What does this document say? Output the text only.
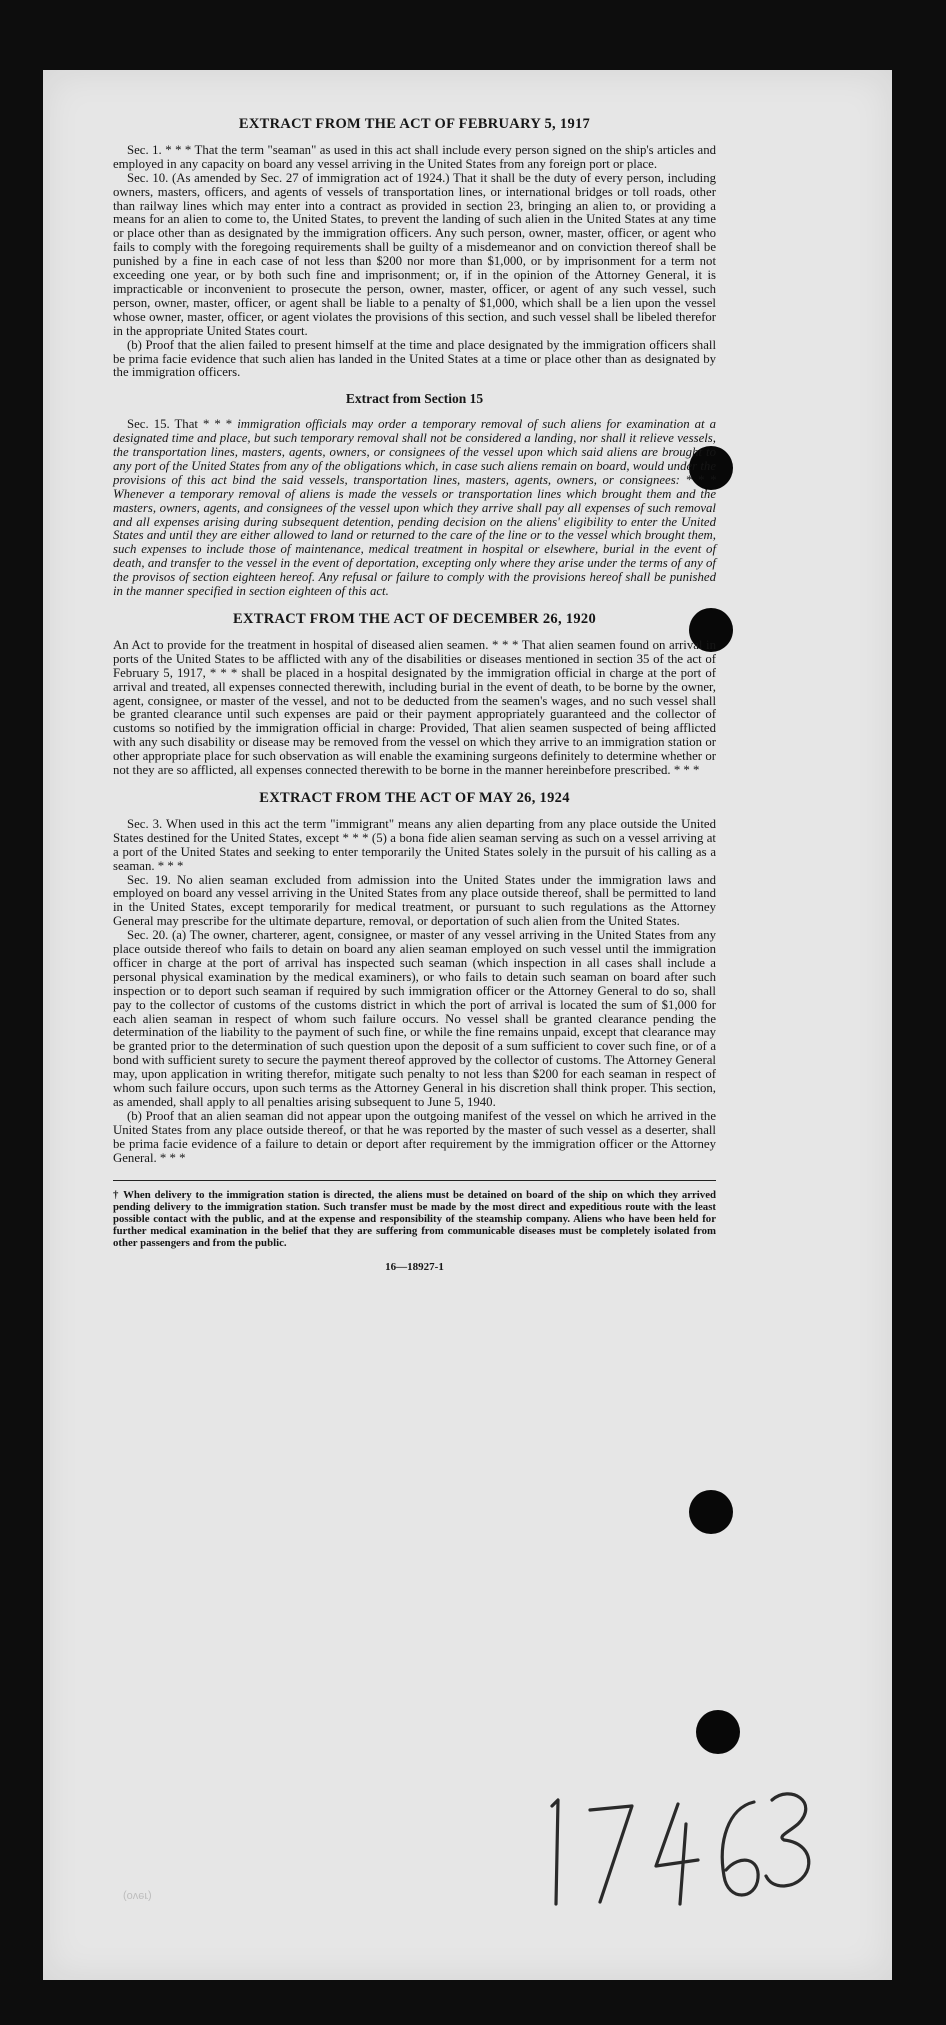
EXTRACT FROM THE ACT OF FEBRUARY 5, 1917

Sec. 1. * * * That the term "seaman" as used in this act shall include every person signed on the ship's articles and employed in any capacity on board any vessel arriving in the United States from any foreign port or place.

Sec. 10. (As amended by Sec. 27 of immigration act of 1924.) That it shall be the duty of every person, including owners, masters, officers, and agents of vessels of transportation lines, or international bridges or toll roads, other than railway lines which may enter into a contract as provided in section 23, bringing an alien to, or providing a means for an alien to come to, the United States, to prevent the landing of such alien in the United States at any time or place other than as designated by the immigration officers. Any such person, owner, master, officer, or agent who fails to comply with the foregoing requirements shall be guilty of a misdemeanor and on conviction thereof shall be punished by a fine in each case of not less than $200 nor more than $1,000, or by imprisonment for a term not exceeding one year, or by both such fine and imprisonment; or, if in the opinion of the Attorney General, it is impracticable or inconvenient to prosecute the person, owner, master, officer, or agent of any such vessel, such person, owner, master, officer, or agent shall be liable to a penalty of $1,000, which shall be a lien upon the vessel whose owner, master, officer, or agent violates the provisions of this section, and such vessel shall be libeled therefor in the appropriate United States court.

(b) Proof that the alien failed to present himself at the time and place designated by the immigration officers shall be prima facie evidence that such alien has landed in the United States at a time or place other than as designated by the immigration officers.

Extract from Section 15

Sec. 15. That * * * immigration officials may order a temporary removal of such aliens for examination at a designated time and place, but such temporary removal shall not be considered a landing, nor shall it relieve vessels, the transportation lines, masters, agents, owners, or consignees of the vessel upon which said aliens are brought to any port of the United States from any of the obligations which, in case such aliens remain on board, would under the provisions of this act bind the said vessels, transportation lines, masters, agents, owners, or consignees: * * * Whenever a temporary removal of aliens is made the vessels or transportation lines which brought them and the masters, owners, agents, and consignees of the vessel upon which they arrive shall pay all expenses of such removal and all expenses arising during subsequent detention, pending decision on the aliens' eligibility to enter the United States and until they are either allowed to land or returned to the care of the line or to the vessel which brought them, such expenses to include those of maintenance, medical treatment in hospital or elsewhere, burial in the event of death, and transfer to the vessel in the event of deportation, excepting only where they arise under the terms of any of the provisos of section eighteen hereof. Any refusal or failure to comply with the provisions hereof shall be punished in the manner specified in section eighteen of this act.

EXTRACT FROM THE ACT OF DECEMBER 26, 1920

An Act to provide for the treatment in hospital of diseased alien seamen. * * * That alien seamen found on arrival in ports of the United States to be afflicted with any of the disabilities or diseases mentioned in section 35 of the act of February 5, 1917, * * * shall be placed in a hospital designated by the immigration official in charge at the port of arrival and treated, all expenses connected therewith, including burial in the event of death, to be borne by the owner, agent, consignee, or master of the vessel, and not to be deducted from the seamen's wages, and no such vessel shall be granted clearance until such expenses are paid or their payment appropriately guaranteed and the collector of customs so notified by the immigration official in charge: Provided, That alien seamen suspected of being afflicted with any such disability or disease may be removed from the vessel on which they arrive to an immigration station or other appropriate place for such observation as will enable the examining surgeons definitely to determine whether or not they are so afflicted, all expenses connected therewith to be borne in the manner hereinbefore prescribed. * * *

EXTRACT FROM THE ACT OF MAY 26, 1924

Sec. 3. When used in this act the term "immigrant" means any alien departing from any place outside the United States destined for the United States, except * * * (5) a bona fide alien seaman serving as such on a vessel arriving at a port of the United States and seeking to enter temporarily the United States solely in the pursuit of his calling as a seaman. * * *

Sec. 19. No alien seaman excluded from admission into the United States under the immigration laws and employed on board any vessel arriving in the United States from any place outside thereof, shall be permitted to land in the United States, except temporarily for medical treatment, or pursuant to such regulations as the Attorney General may prescribe for the ultimate departure, removal, or deportation of such alien from the United States.

Sec. 20. (a) The owner, charterer, agent, consignee, or master of any vessel arriving in the United States from any place outside thereof who fails to detain on board any alien seaman employed on such vessel until the immigration officer in charge at the port of arrival has inspected such seaman (which inspection in all cases shall include a personal physical examination by the medical examiners), or who fails to detain such seaman on board after such inspection or to deport such seaman if required by such immigration officer or the Attorney General to do so, shall pay to the collector of customs of the customs district in which the port of arrival is located the sum of $1,000 for each alien seaman in respect of whom such failure occurs. No vessel shall be granted clearance pending the determination of the liability to the payment of such fine, or while the fine remains unpaid, except that clearance may be granted prior to the determination of such question upon the deposit of a sum sufficient to cover such fine, or of a bond with sufficient surety to secure the payment thereof approved by the collector of customs. The Attorney General may, upon application in writing therefor, mitigate such penalty to not less than $200 for each seaman in respect of whom such failure occurs, upon such terms as the Attorney General in his discretion shall think proper. This section, as amended, shall apply to all penalties arising subsequent to June 5, 1940.

(b) Proof that an alien seaman did not appear upon the outgoing manifest of the vessel on which he arrived in the United States from any place outside thereof, or that he was reported by the master of such vessel as a deserter, shall be prima facie evidence of a failure to detain or deport after requirement by the immigration officer or the Attorney General. * * *

† When delivery to the immigration station is directed, the aliens must be detained on board of the ship on which they arrived pending delivery to the immigration station. Such transfer must be made by the most direct and expeditious route with the least possible contact with the public, and at the expense and responsibility of the steamship company. Aliens who have been held for further medical examination in the belief that they are suffering from communicable diseases must be completely isolated from other passengers and from the public.

16—18927-1
(over)
